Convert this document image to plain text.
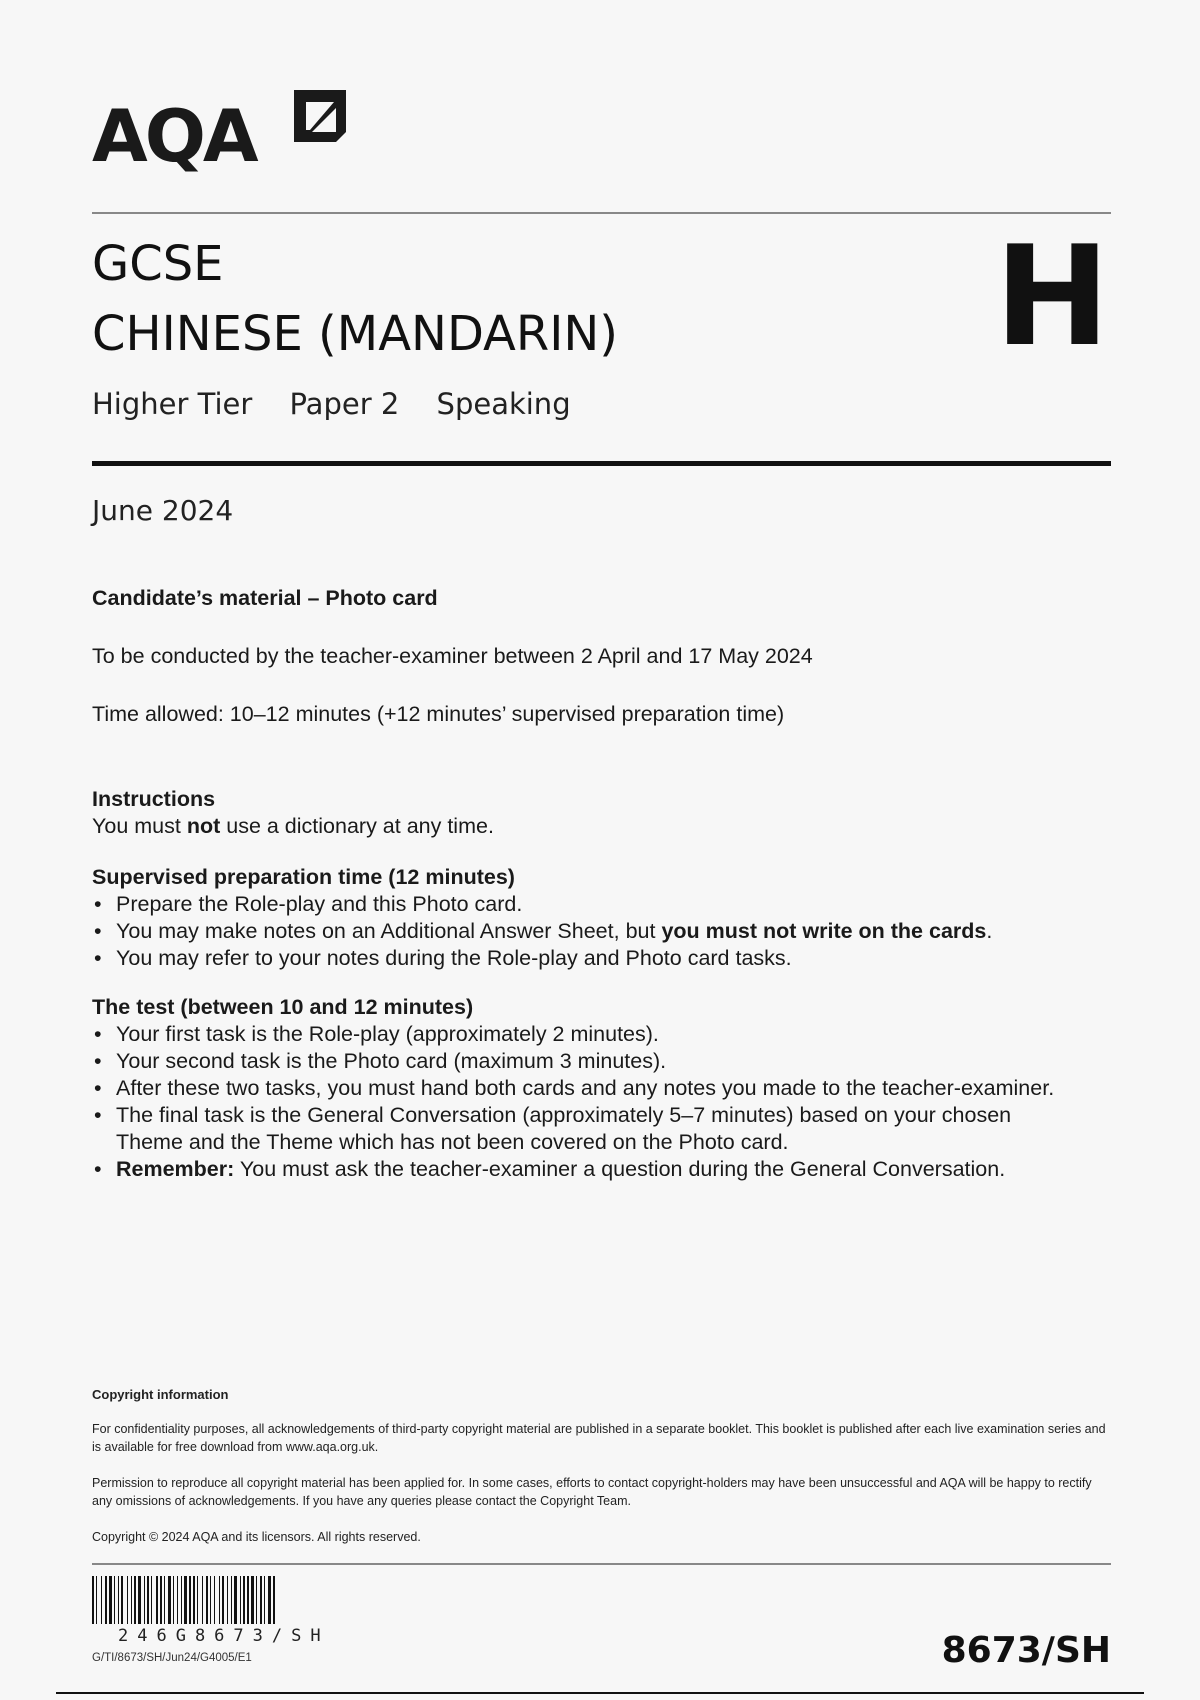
AQA
GCSE
CHINESE (MANDARIN)	H
Higher Tier Paper 2 Speaking
June 2024
Candidate’s material – Photo card
To be conducted by the teacher-examiner between 2 April and 17 May 2024
Time allowed: 10–12 minutes (+12 minutes’ supervised preparation time)

Instructions

You must not use a dictionary at any time.

Supervised preparation time (12 minutes)

• Prepare the Role-play and this Photo card.
• You may make notes on an Additional Answer Sheet, but you must not write on the cards.
• You may refer to your notes during the Role-play and Photo card tasks.

The test (between 10 and 12 minutes)

• Your first task is the Role-play (approximately 2 minutes).
• Your second task is the Photo card (maximum 3 minutes).
• After these two tasks, you must hand both cards and any notes you made to the teacher-examiner.
• The final task is the General Conversation (approximately 5–7 minutes) based on your chosen Theme and the Theme which has not been covered on the Photo card.
• Remember: You must ask the teacher-examiner a question during the General Conversation.

Copyright information

For confidentiality purposes, all acknowledgements of third-party copyright material are published in a separate booklet. This booklet is published after each live examination series and is available for free download from www.aqa.org.uk.

Permission to reproduce all copyright material has been applied for. In some cases, efforts to contact copyright-holders may have been unsuccessful and AQA will be happy to rectify any omissions of acknowledgements. If you have any queries please contact the Copyright Team.

Copyright © 2024 AQA and its licensors. All rights reserved.

246G8673/SH
G/TI/8673/SH/Jun24/G4005/E1	8673/SH
